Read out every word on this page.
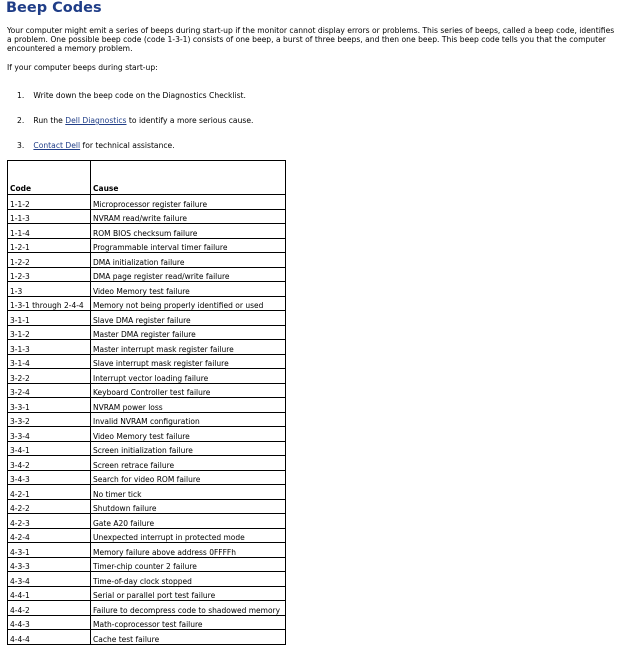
Beep Codes
Your computer might emit a series of beeps during start-up if the monitor cannot display errors or problems. This series of beeps, called a beep code, identifies a problem. One possible beep code (code 1-3-1) consists of one beep, a burst of three beeps, and then one beep. This beep code tells you that the computer encountered a memory problem.
If your computer beeps during start-up:
1. Write down the beep code on the Diagnostics Checklist.
2. Run the Dell Diagnostics to identify a more serious cause.
3. Contact Dell for technical assistance.
Code	Cause
1-1-2	Microprocessor register failure
1-1-3	NVRAM read/write failure
1-1-4	ROM BIOS checksum failure
1-2-1	Programmable interval timer failure
1-2-2	DMA initialization failure
1-2-3	DMA page register read/write failure
1-3	Video Memory test failure
1-3-1 through 2-4-4	Memory not being properly identified or used
3-1-1	Slave DMA register failure
3-1-2	Master DMA register failure
3-1-3	Master interrupt mask register failure
3-1-4	Slave interrupt mask register failure
3-2-2	Interrupt vector loading failure
3-2-4	Keyboard Controller test failure
3-3-1	NVRAM power loss
3-3-2	Invalid NVRAM configuration
3-3-4	Video Memory test failure
3-4-1	Screen initialization failure
3-4-2	Screen retrace failure
3-4-3	Search for video ROM failure
4-2-1	No timer tick
4-2-2	Shutdown failure
4-2-3	Gate A20 failure
4-2-4	Unexpected interrupt in protected mode
4-3-1	Memory failure above address 0FFFFh
4-3-3	Timer-chip counter 2 failure
4-3-4	Time-of-day clock stopped
4-4-1	Serial or parallel port test failure
4-4-2	Failure to decompress code to shadowed memory
4-4-3	Math-coprocessor test failure
4-4-4	Cache test failure
